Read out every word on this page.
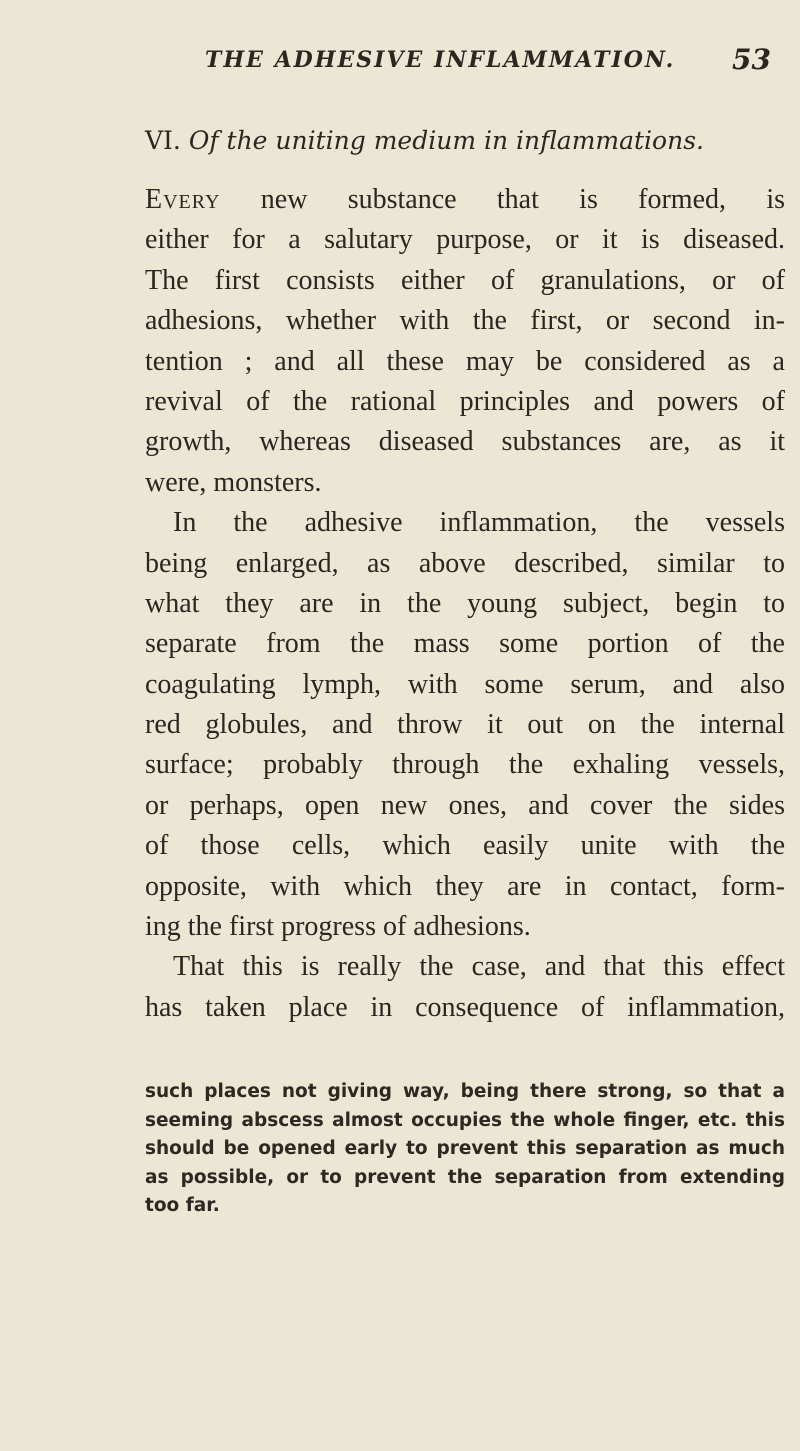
THE ADHESIVE INFLAMMATION. 53
VI. Of the uniting medium in inflammations.
Every new substance that is formed, is
either for a salutary purpose, or it is diseased.
The first consists either of granulations, or of
adhesions, whether with the first, or second in-
tention ; and all these may be considered as a
revival of the rational principles and powers of
growth, whereas diseased substances are, as it
were, monsters.
In the adhesive inflammation, the vessels
being enlarged, as above described, similar to
what they are in the young subject, begin to
separate from the mass some portion of the
coagulating lymph, with some serum, and also
red globules, and throw it out on the internal
surface; probably through the exhaling vessels,
or perhaps, open new ones, and cover the sides
of those cells, which easily unite with the
opposite, with which they are in contact, form-
ing the first progress of adhesions.
That this is really the case, and that this effect
has taken place in consequence of inflammation,
such places not giving way, being there strong, so that a
seeming abscess almost occupies the whole finger, etc. this
should be opened early to prevent this separation as much
as possible, or to prevent the separation from extending
too far.
